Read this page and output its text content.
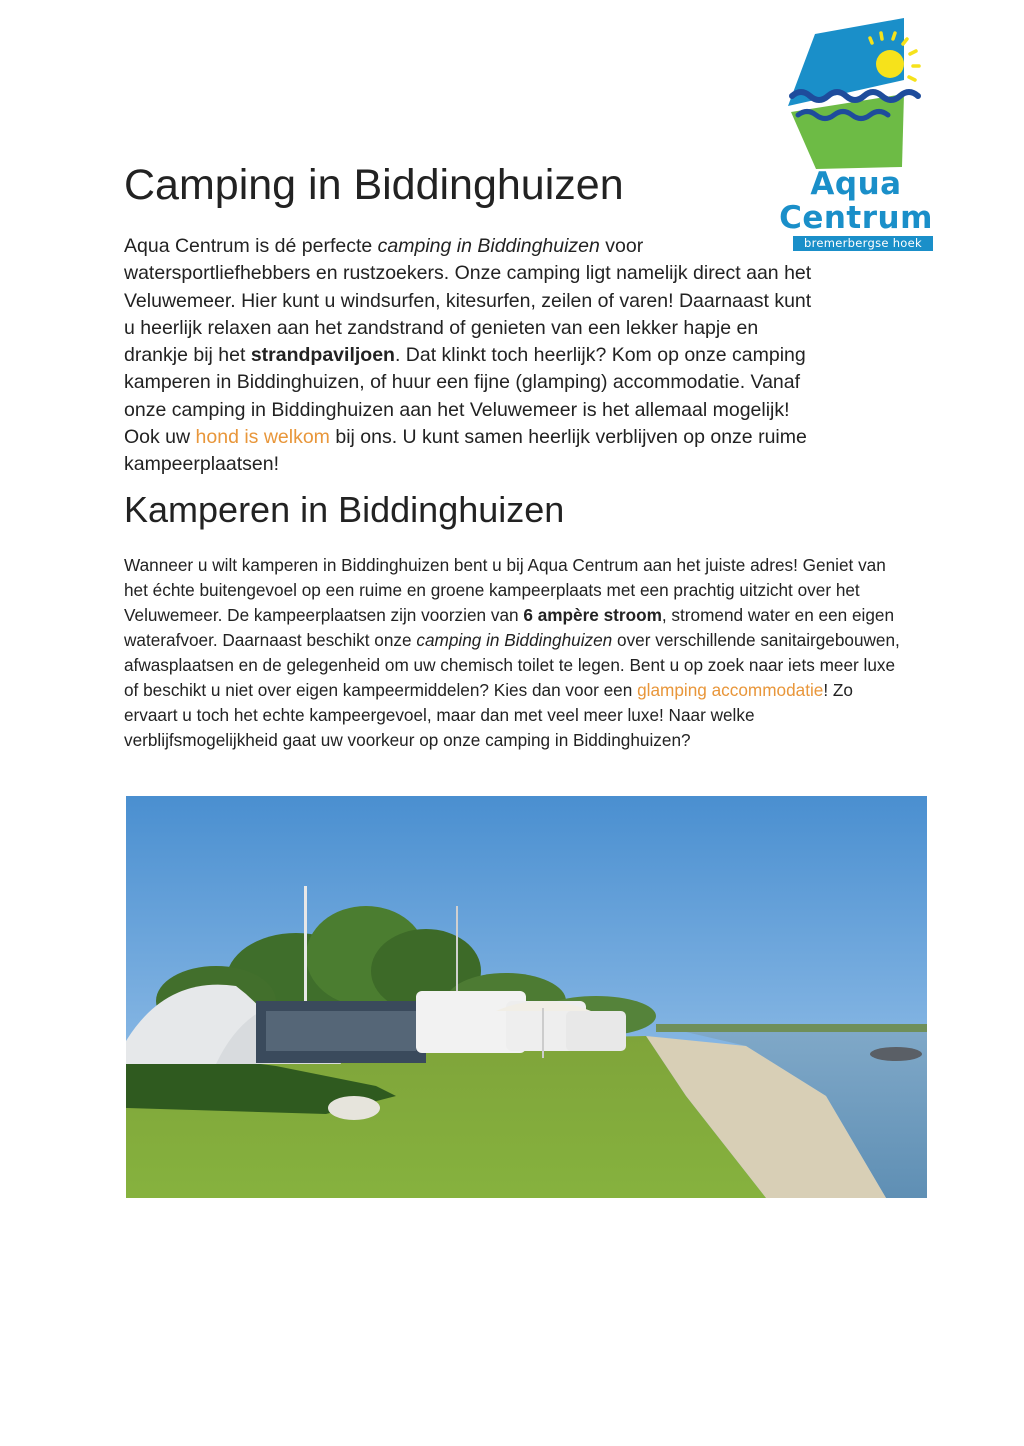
Aqua
Centrum
bremerbergse hoek
Camping in Biddinghuizen

Aqua Centrum is dé perfecte camping in Biddinghuizen voor watersportliefhebbers en rustzoekers. Onze camping ligt namelijk direct aan het Veluwemeer. Hier kunt u windsurfen, kitesurfen, zeilen of varen! Daarnaast kunt u heerlijk relaxen aan het zandstrand of genieten van een lekker hapje en drankje bij het strandpaviljoen. Dat klinkt toch heerlijk? Kom op onze camping kamperen in Biddinghuizen, of huur een fijne (glamping) accommodatie. Vanaf onze camping in Biddinghuizen aan het Veluwemeer is het allemaal mogelijk! Ook uw hond is welkom bij ons. U kunt samen heerlijk verblijven op onze ruime kampeerplaatsen!

Kamperen in Biddinghuizen

Wanneer u wilt kamperen in Biddinghuizen bent u bij Aqua Centrum aan het juiste adres! Geniet van het échte buitengevoel op een ruime en groene kampeerplaats met een prachtig uitzicht over het Veluwemeer. De kampeerplaatsen zijn voorzien van 6 ampère stroom, stromend water en een eigen waterafvoer. Daarnaast beschikt onze camping in Biddinghuizen over verschillende sanitairgebouwen, afwasplaatsen en de gelegenheid om uw chemisch toilet te legen. Bent u op zoek naar iets meer luxe of beschikt u niet over eigen kampeermiddelen? Kies dan voor een glamping accommodatie! Zo ervaart u toch het echte kampeergevoel, maar dan met veel meer luxe! Naar welke verblijfsmogelijkheid gaat uw voorkeur op onze camping in Biddinghuizen?
